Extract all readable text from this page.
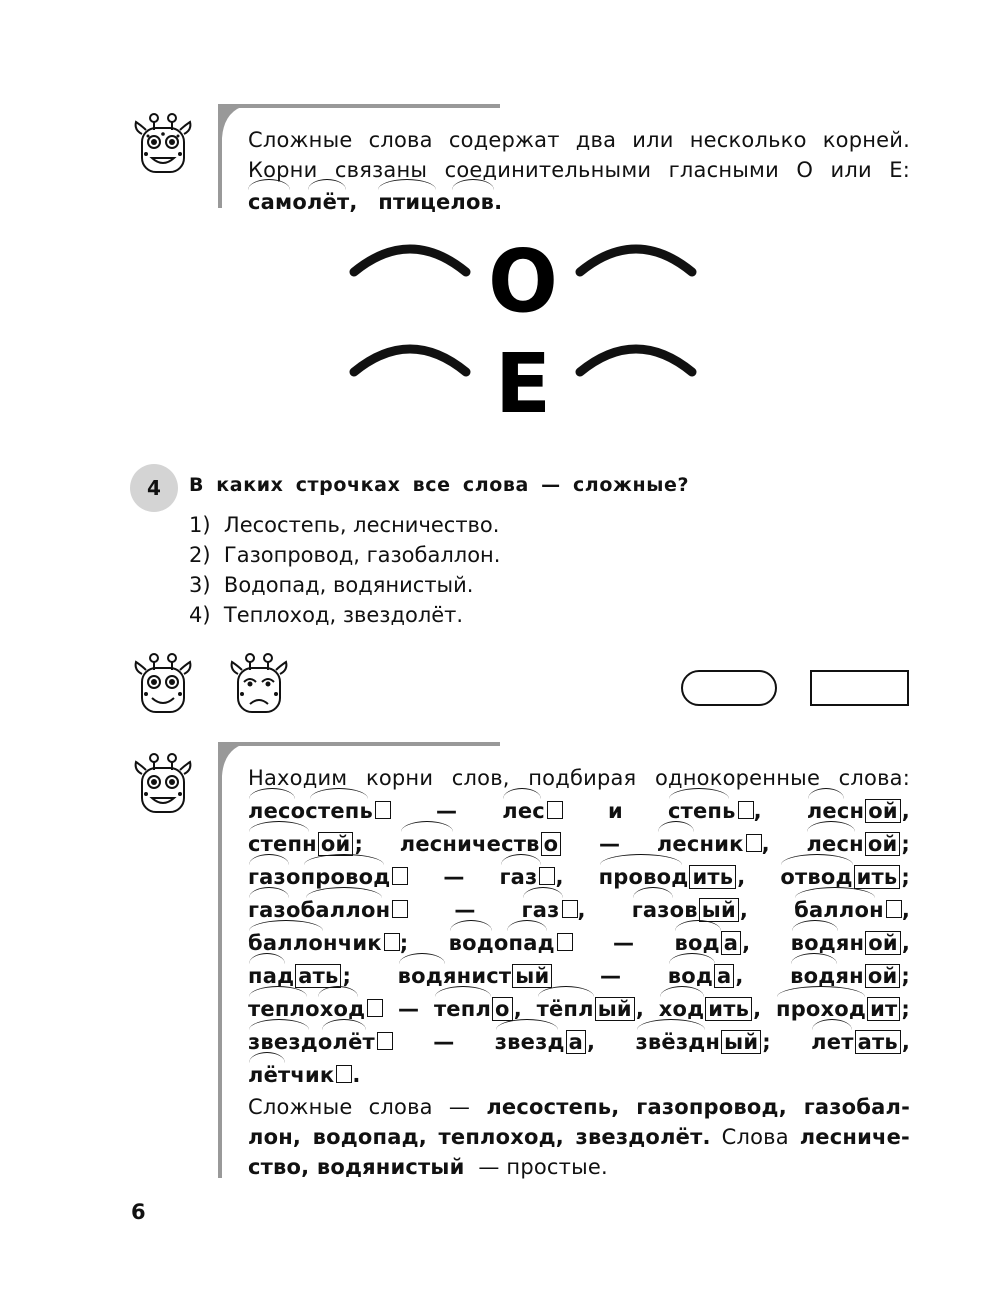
Сложные слова содержат два или несколько корней.
Корни связаны соединительными гласными О или Е:
самолёт, птицелов.
О
Е
4 В каких строчках все слова — сложные?
1) Лесостепь, лесничество.
2) Газопровод, газобаллон.
3) Водопад, водянистый.
4) Теплоход, звездолёт.
Находим корни слов, подбирая однокоренные слова:
лесостепь	— лес	и степь , лесн ой ,
степн ой ; лесничеств о — лесник , лесн ой ;
газопровод	— газ , провод ить , отвод ить ;
газобаллон	— газ , газов ый , баллон ,
баллончик ; водопад	— вод а , водян ой ,
пад ать ; водянист ый — вод а , водян ой ;
теплоход	— тепл о , тёпл ый , ход ить , проход ит ;
звездолёт	— звезд а , звёздн ый ; лет ать ,
лётчик .
Сложные слова — лесостепь, газопровод, газобал-
лон, водопад, теплоход, звездолёт. Слова лесниче-
ство, водянистый — простые.
6
